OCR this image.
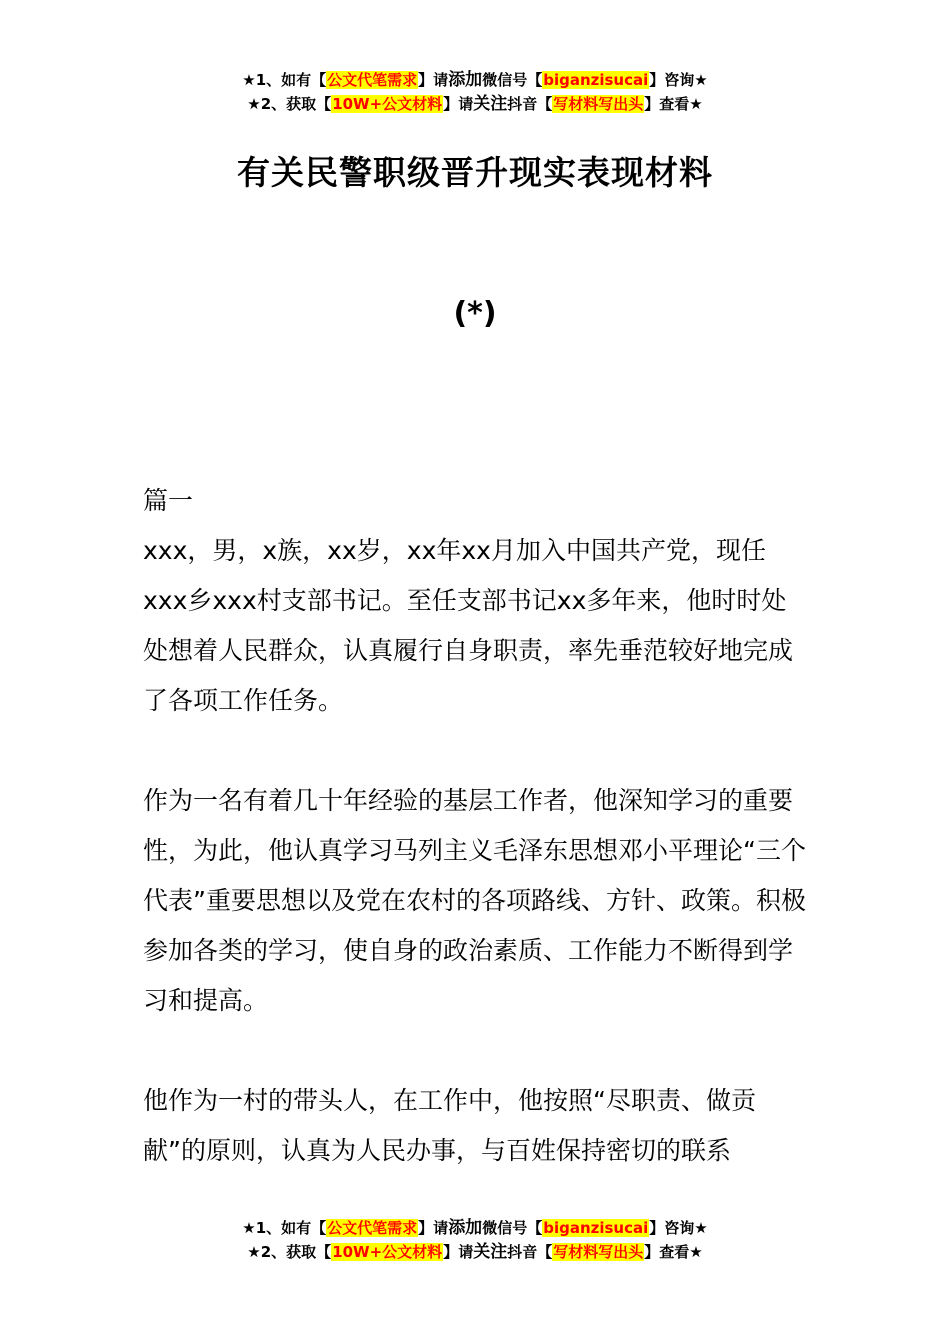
★1、如有【公文代笔需求】请添加微信号【biganzisucai】咨询★
★2、获取【10W+公文材料】请关注抖音【写材料写出头】查看★
有关民警职级晋升现实表现材料
(*)

篇一

xxx，男，x族，xx岁，xx年xx月加入中国共产党，现任xxx乡xxx村支部书记。至任支部书记xx多年来，他时时处处想着人民群众，认真履行自身职责，率先垂范较好地完成了各项工作任务。

作为一名有着几十年经验的基层工作者，他深知学习的重要性，为此，他认真学习马列主义毛泽东思想邓小平理论“三个代表”重要思想以及党在农村的各项路线、方针、政策。积极参加各类的学习，使自身的政治素质、工作能力不断得到学习和提高。

他作为一村的带头人，在工作中，他按照“尽职责、做贡献”的原则，认真为人民办事，与百姓保持密切的联系

★1、如有【公文代笔需求】请添加微信号【biganzisucai】咨询★
★2、获取【10W+公文材料】请关注抖音【写材料写出头】查看★
